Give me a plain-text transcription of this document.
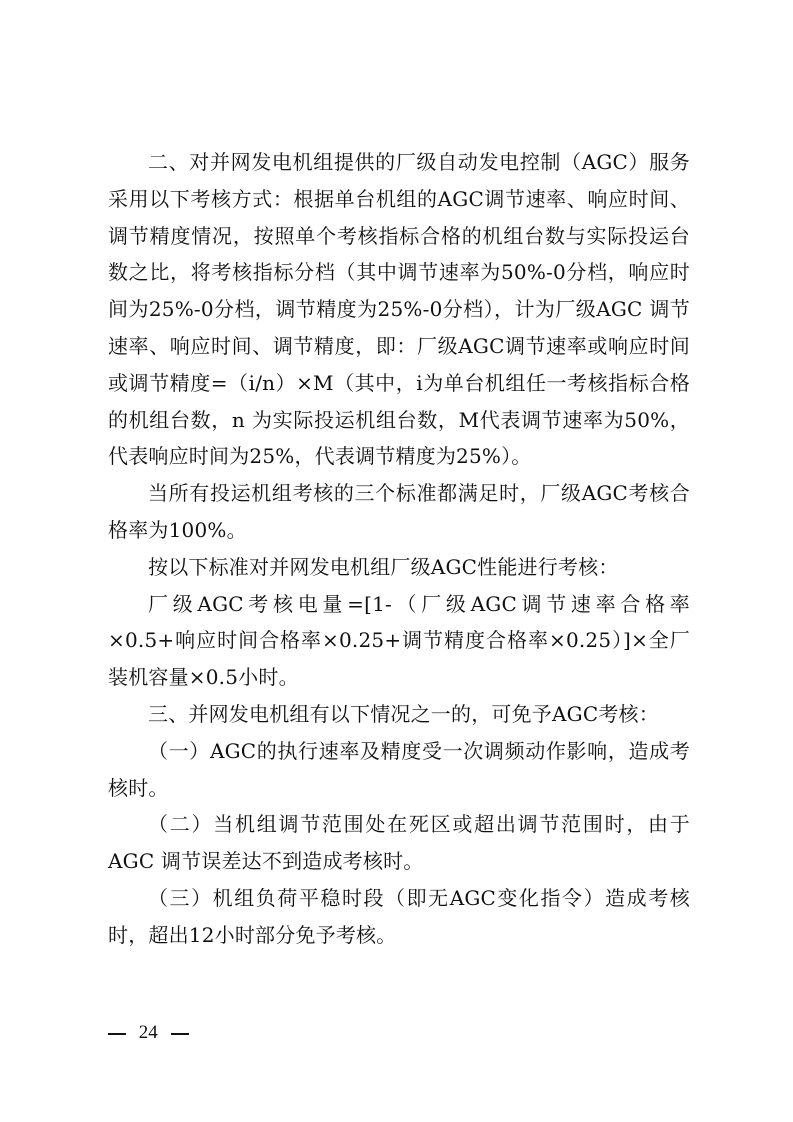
二、对并网发电机组提供的厂级自动发电控制（AGC）服务采用以下考核方式：根据单台机组的AGC调节速率、响应时间、调节精度情况，按照单个考核指标合格的机组台数与实际投运台数之比，将考核指标分档（其中调节速率为50%-0分档，响应时间为25%-0分档，调节精度为25%-0分档），计为厂级AGC 调节速率、响应时间、调节精度，即：厂级AGC调节速率或响应时间或调节精度=（i/n）×M（其中，i为单台机组任一考核指标合格的机组台数，n 为实际投运机组台数，M代表调节速率为50%，代表响应时间为25%，代表调节精度为25%）。

当所有投运机组考核的三个标准都满足时，厂级AGC考核合格率为100%。

按以下标准对并网发电机组厂级AGC性能进行考核：

厂级AGC考核电量=[1-（厂级AGC调节速率合格率×0.5+响应时间合格率×0.25+调节精度合格率×0.25）]×全厂装机容量×0.5小时。

三、并网发电机组有以下情况之一的，可免予AGC考核：

（一）AGC的执行速率及精度受一次调频动作影响，造成考核时。

（二）当机组调节范围处在死区或超出调节范围时，由于AGC 调节误差达不到造成考核时。

（三）机组负荷平稳时段（即无AGC变化指令）造成考核时，超出12小时部分免予考核。

24
